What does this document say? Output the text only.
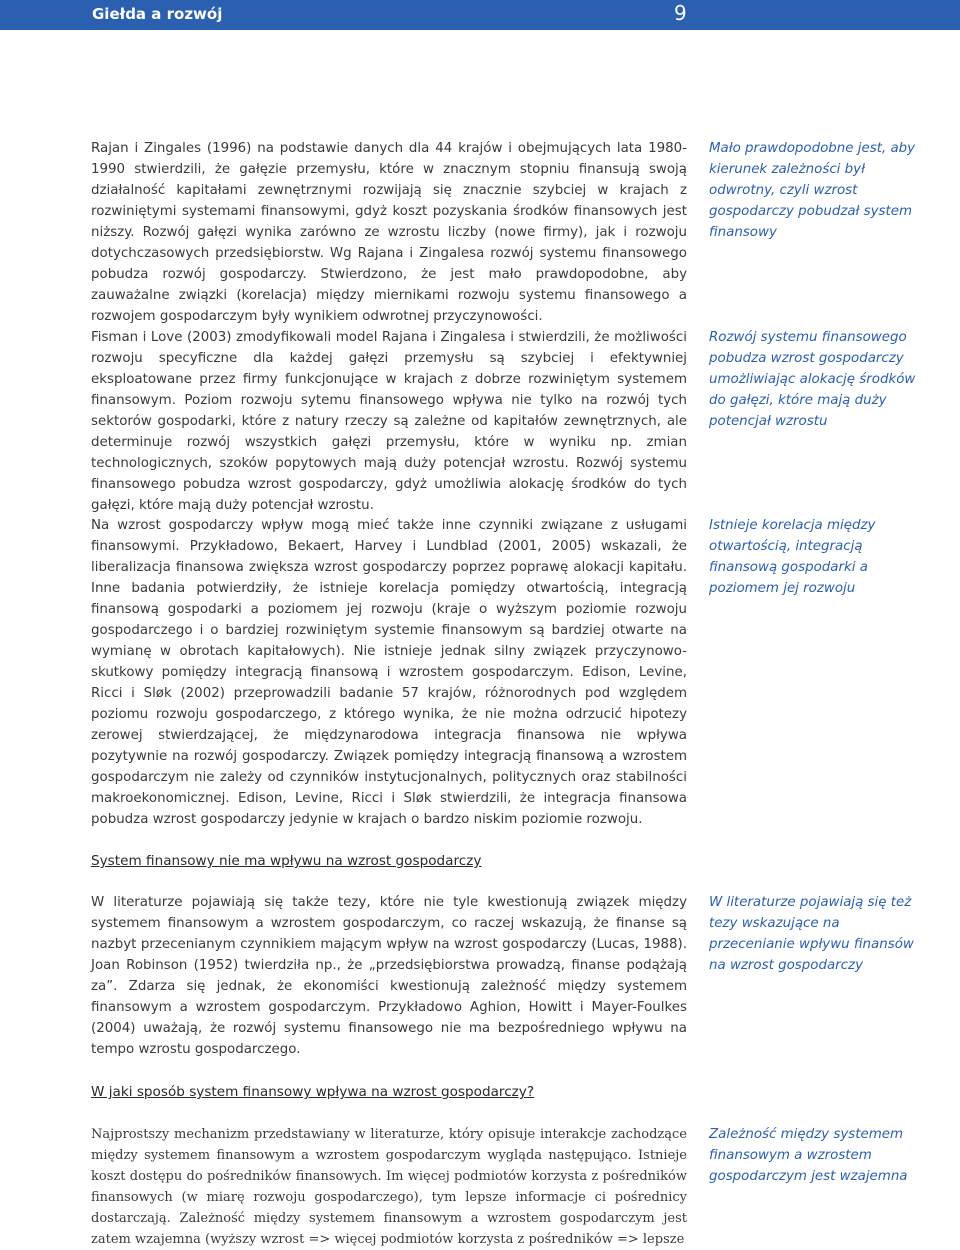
Giełda a rozwój	9

Rajan i Zingales (1996) na podstawie danych dla 44 krajów i obejmujących lata 1980-1990 stwierdzili, że gałęzie przemysłu, które w znacznym stopniu finansują swoją działalność kapitałami zewnętrznymi rozwijają się znacznie szybciej w krajach z rozwiniętymi systemami finansowymi, gdyż koszt pozyskania środków finansowych jest niższy. Rozwój gałęzi wynika zarówno ze wzrostu liczby (nowe firmy), jak i rozwoju dotychczasowych przedsiębiorstw. Wg Rajana i Zingalesa rozwój systemu finansowego pobudza rozwój gospodarczy. Stwierdzono, że jest mało prawdopodobne, aby zauważalne związki (korelacja) między miernikami rozwoju systemu finansowego a rozwojem gospodarczym były wynikiem odwrotnej przyczynowości.

Mało prawdopodobne jest, aby kierunek zależności był odwrotny, czyli wzrost gospodarczy pobudzał system finansowy

Fisman i Love (2003) zmodyfikowali model Rajana i Zingalesa i stwierdzili, że możliwości rozwoju specyficzne dla każdej gałęzi przemysłu są szybciej i efektywniej eksploatowane przez firmy funkcjonujące w krajach z dobrze rozwiniętym systemem finansowym. Poziom rozwoju sytemu finansowego wpływa nie tylko na rozwój tych sektorów gospodarki, które z natury rzeczy są zależne od kapitałów zewnętrznych, ale determinuje rozwój wszystkich gałęzi przemysłu, które w wyniku np. zmian technologicznych, szoków popytowych mają duży potencjał wzrostu. Rozwój systemu finansowego pobudza wzrost gospodarczy, gdyż umożliwia alokację środków do tych gałęzi, które mają duży potencjał wzrostu.

Rozwój systemu finansowego pobudza wzrost gospodarczy umożliwiając alokację środków do gałęzi, które mają duży potencjał wzrostu

Na wzrost gospodarczy wpływ mogą mieć także inne czynniki związane z usługami finansowymi. Przykładowo, Bekaert, Harvey i Lundblad (2001, 2005) wskazali, że liberalizacja finansowa zwiększa wzrost gospodarczy poprzez poprawę alokacji kapitału. Inne badania potwierdziły, że istnieje korelacja pomiędzy otwartością, integracją finansową gospodarki a poziomem jej rozwoju (kraje o wyższym poziomie rozwoju gospodarczego i o bardziej rozwiniętym systemie finansowym są bardziej otwarte na wymianę w obrotach kapitałowych). Nie istnieje jednak silny związek przyczynowo-skutkowy pomiędzy integracją finansową i wzrostem gospodarczym. Edison, Levine, Ricci i Sløk (2002) przeprowadzili badanie 57 krajów, różnorodnych pod względem poziomu rozwoju gospodarczego, z którego wynika, że nie można odrzucić hipotezy zerowej stwierdzającej, że międzynarodowa integracja finansowa nie wpływa pozytywnie na rozwój gospodarczy. Związek pomiędzy integracją finansową a wzrostem gospodarczym nie zależy od czynników instytucjonalnych, politycznych oraz stabilności makroekonomicznej. Edison, Levine, Ricci i Sløk stwierdzili, że integracja finansowa pobudza wzrost gospodarczy jedynie w krajach o bardzo niskim poziomie rozwoju.

Istnieje korelacja między otwartością, integracją finansową gospodarki a poziomem jej rozwoju

System finansowy nie ma wpływu na wzrost gospodarczy

W literaturze pojawiają się także tezy, które nie tyle kwestionują związek między systemem finansowym a wzrostem gospodarczym, co raczej wskazują, że finanse są nazbyt przecenianym czynnikiem mającym wpływ na wzrost gospodarczy (Lucas, 1988). Joan Robinson (1952) twierdziła np., że „przedsiębiorstwa prowadzą, finanse podążają za”. Zdarza się jednak, że ekonomiści kwestionują zależność między systemem finansowym a wzrostem gospodarczym. Przykładowo Aghion, Howitt i Mayer-Foulkes (2004) uważają, że rozwój systemu finansowego nie ma bezpośredniego wpływu na tempo wzrostu gospodarczego.

W literaturze pojawiają się też tezy wskazujące na przecenianie wpływu finansów na wzrost gospodarczy

W jaki sposób system finansowy wpływa na wzrost gospodarczy?

Najprostszy mechanizm przedstawiany w literaturze, który opisuje interakcje zachodzące między systemem finansowym a wzrostem gospodarczym wygląda następująco. Istnieje koszt dostępu do pośredników finansowych. Im więcej podmiotów korzysta z pośredników finansowych (w miarę rozwoju gospodarczego), tym lepsze informacje ci pośrednicy dostarczają. Zależność między systemem finansowym a wzrostem gospodarczym jest zatem wzajemna (wyższy wzrost => więcej podmiotów korzysta z pośredników => lepsze

Zależność między systemem finansowym a wzrostem gospodarczym jest wzajemna
